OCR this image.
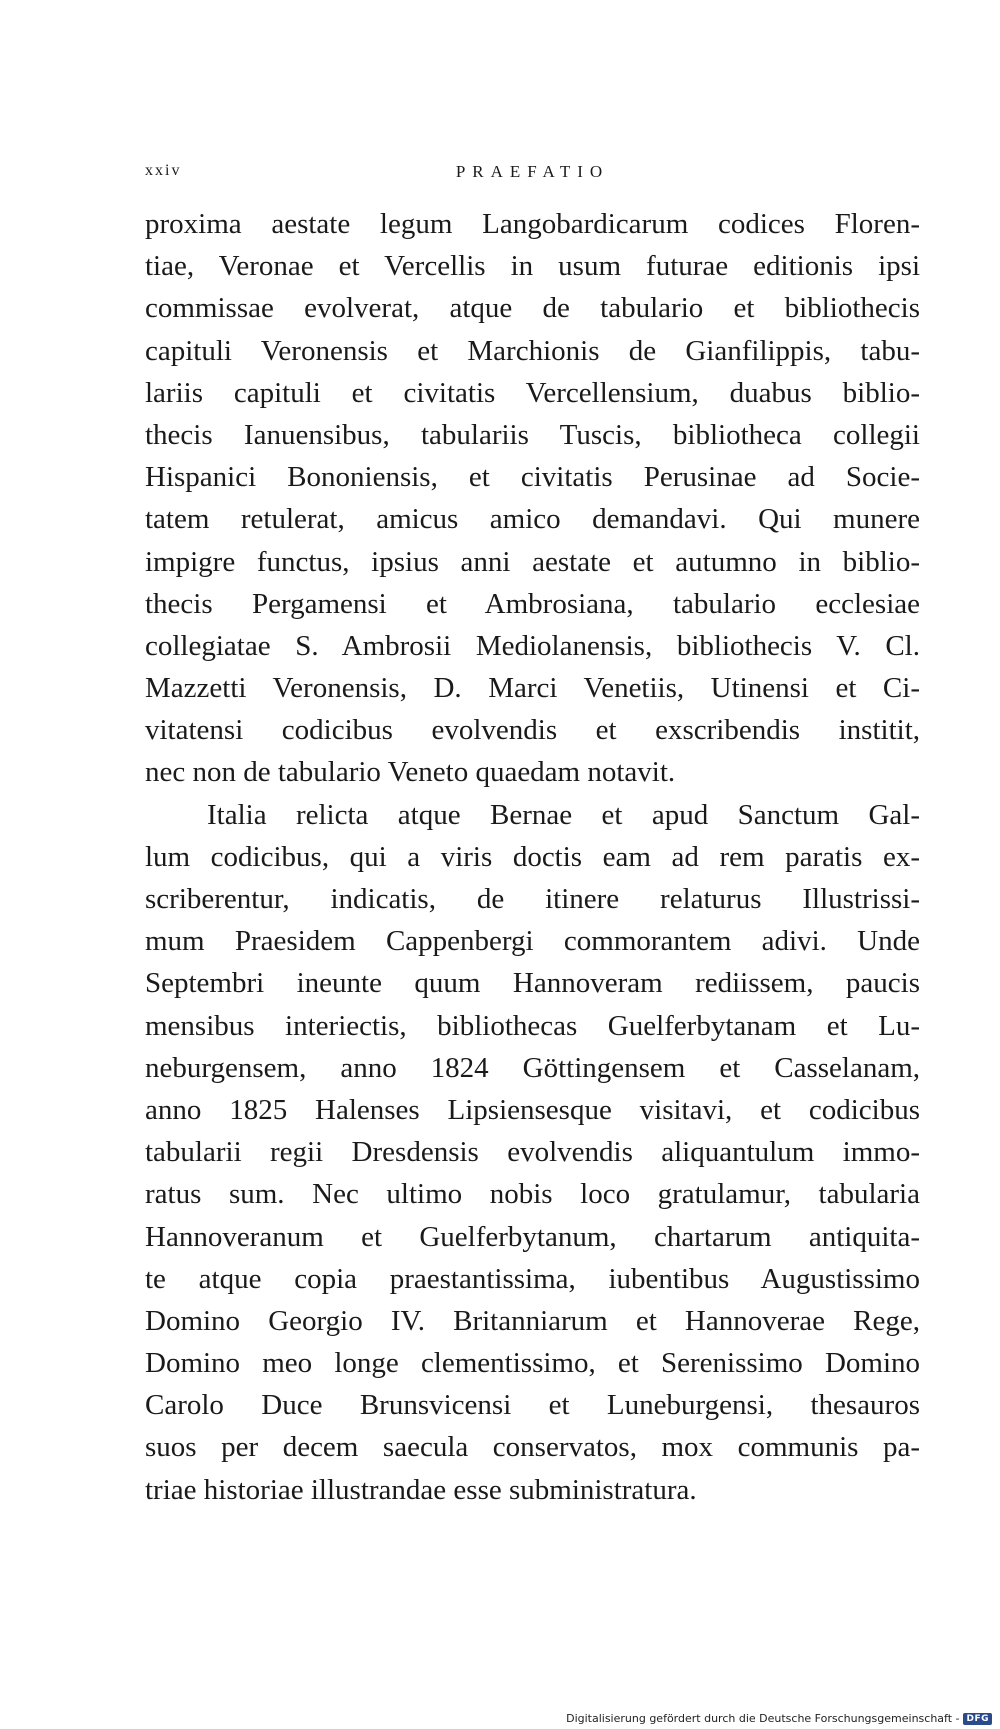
xxiv	PRAEFATIO
proxima aestate legum Langobardicarum codices Floren-
tiae, Veronae et Vercellis in usum futurae editionis ipsi
commissae evolverat, atque de tabulario et bibliothecis
capituli Veronensis et Marchionis de Gianfilippis, tabu-
lariis capituli et civitatis Vercellensium, duabus biblio-
thecis Ianuensibus, tabulariis Tuscis, bibliotheca collegii
Hispanici Bononiensis, et civitatis Perusinae ad Socie-
tatem retulerat, amicus amico demandavi. Qui munere
impigre functus, ipsius anni aestate et autumno in biblio-
thecis Pergamensi et Ambrosiana, tabulario ecclesiae
collegiatae S. Ambrosii Mediolanensis, bibliothecis V. Cl.
Mazzetti Veronensis, D. Marci Venetiis, Utinensi et Ci-
vitatensi codicibus evolvendis et exscribendis institit,
nec non de tabulario Veneto quaedam notavit.
Italia relicta atque Bernae et apud Sanctum Gal-
lum codicibus, qui a viris doctis eam ad rem paratis ex-
scriberentur, indicatis, de itinere relaturus Illustrissi-
mum Praesidem Cappenbergi commorantem adivi. Unde
Septembri ineunte quum Hannoveram rediissem, paucis
mensibus interiectis, bibliothecas Guelferbytanam et Lu-
neburgensem, anno 1824 Göttingensem et Casselanam,
anno 1825 Halenses Lipsiensesque visitavi, et codicibus
tabularii regii Dresdensis evolvendis aliquantulum immo-
ratus sum. Nec ultimo nobis loco gratulamur, tabularia
Hannoveranum et Guelferbytanum, chartarum antiquita-
te atque copia praestantissima, iubentibus Augustissimo
Domino Georgio IV. Britanniarum et Hannoverae Rege,
Domino meo longe clementissimo, et Serenissimo Domino
Carolo Duce Brunsvicensi et Luneburgensi, thesauros
suos per decem saecula conservatos, mox communis pa-
triae historiae illustrandae esse subministratura.
Digitalisierung gefördert durch die Deutsche Forschungsgemeinschaft - DFG
